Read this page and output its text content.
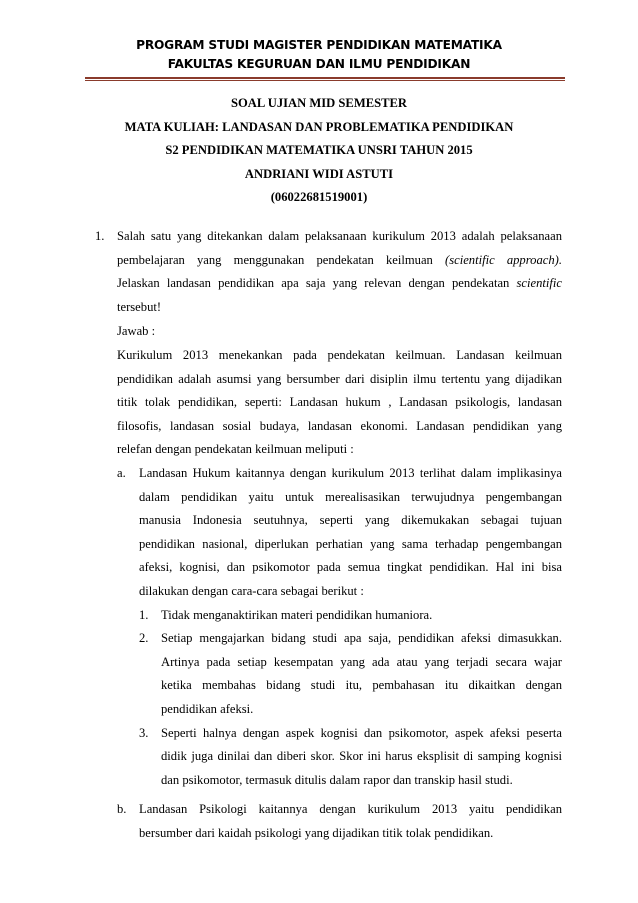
PROGRAM STUDI MAGISTER PENDIDIKAN MATEMATIKA
FAKULTAS KEGURUAN DAN ILMU PENDIDIKAN
SOAL UJIAN MID SEMESTER
MATA KULIAH: LANDASAN DAN PROBLEMATIKA PENDIDIKAN
S2 PENDIDIKAN MATEMATIKA UNSRI TAHUN 2015
ANDRIANI WIDI ASTUTI
(06022681519001)
1. Salah satu yang ditekankan dalam pelaksanaan kurikulum 2013 adalah pelaksanaan
pembelajaran yang menggunakan pendekatan keilmuan (scientific approach).
Jelaskan landasan pendidikan apa saja yang relevan dengan pendekatan scientific
tersebut!
Jawab :
Kurikulum 2013 menekankan pada pendekatan keilmuan. Landasan keilmuan
pendidikan adalah asumsi yang bersumber dari disiplin ilmu tertentu yang dijadikan
titik tolak pendidikan, seperti: Landasan hukum , Landasan psikologis, landasan
filosofis, landasan sosial budaya, landasan ekonomi. Landasan pendidikan yang
relefan dengan pendekatan keilmuan meliputi :
a. Landasan Hukum kaitannya dengan kurikulum 2013 terlihat dalam implikasinya
dalam pendidikan yaitu untuk merealisasikan terwujudnya pengembangan
manusia Indonesia seutuhnya, seperti yang dikemukakan sebagai tujuan
pendidikan nasional, diperlukan perhatian yang sama terhadap pengembangan
afeksi, kognisi, dan psikomotor pada semua tingkat pendidikan. Hal ini bisa
dilakukan dengan cara-cara sebagai berikut :
1. Tidak menganaktirikan materi pendidikan humaniora.
2. Setiap mengajarkan bidang studi apa saja, pendidikan afeksi dimasukkan.
Artinya pada setiap kesempatan yang ada atau yang terjadi secara wajar
ketika membahas bidang studi itu, pembahasan itu dikaitkan dengan
pendidikan afeksi.
3. Seperti halnya dengan aspek kognisi dan psikomotor, aspek afeksi peserta
didik juga dinilai dan diberi skor. Skor ini harus eksplisit di samping kognisi
dan psikomotor, termasuk ditulis dalam rapor dan transkip hasil studi.
b. Landasan Psikologi kaitannya dengan kurikulum 2013 yaitu pendidikan
bersumber dari kaidah psikologi yang dijadikan titik tolak pendidikan.
